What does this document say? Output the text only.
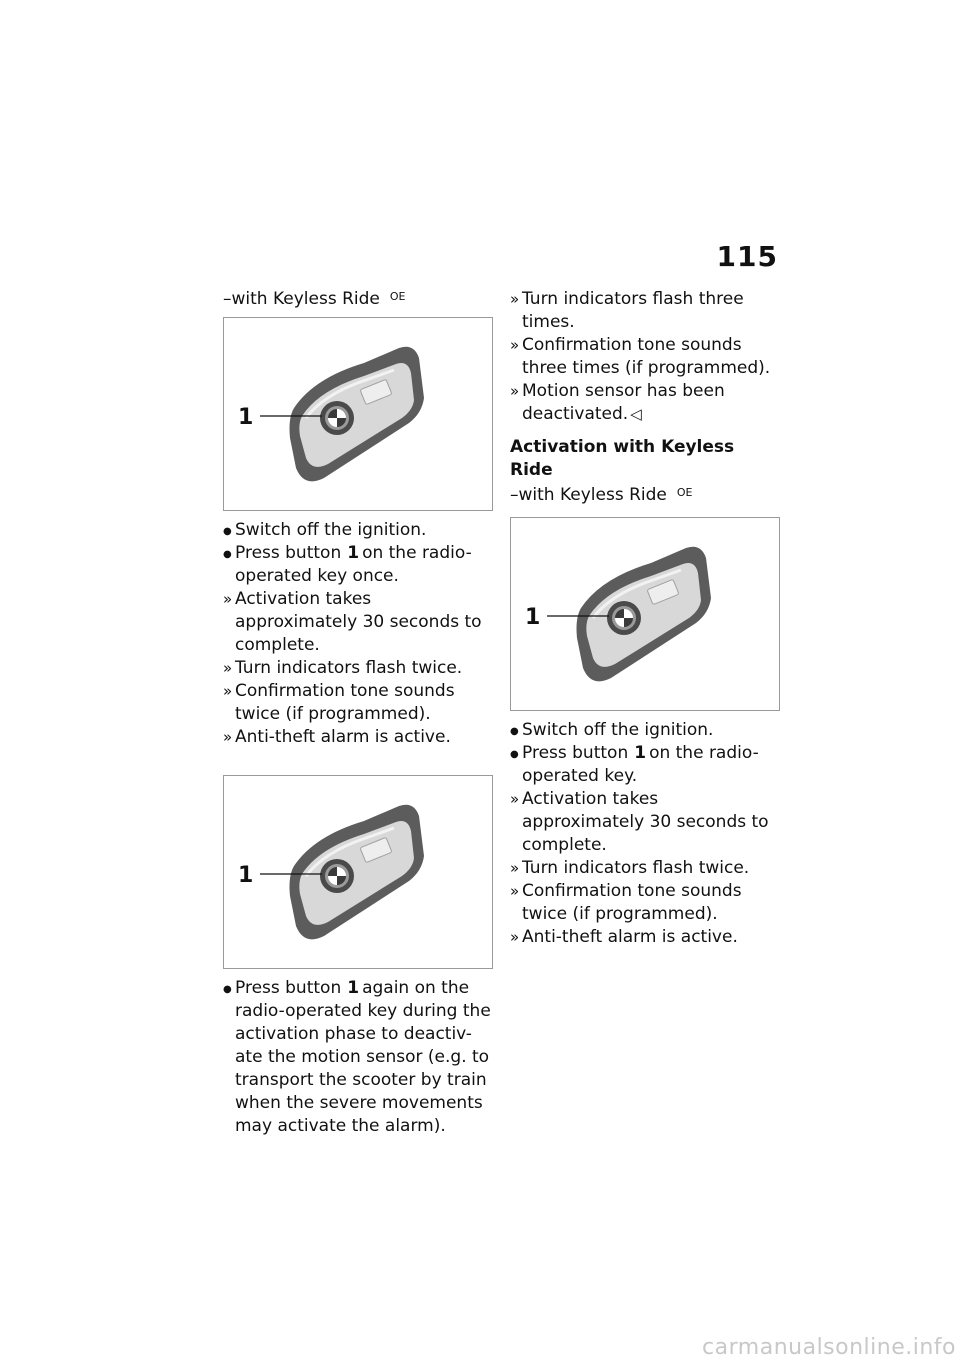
115
–with Keyless Ride $^{OE}$
1
●
Switch off the ignition.
●
Press button 1 on the radio-operated key once.
»
Activation takes approximately 30 seconds to complete.
»
Turn indicators flash twice.
»
Confirmation tone sounds twice (if programmed).
»
Anti-theft alarm is active.
1
●
Press button 1 again on the radio-operated key during the activation phase to deactiv-ate the motion sensor (e.g. to transport the scooter by train when the severe movements may activate the alarm).
»
Turn indicators flash three times.
»
Confirmation tone sounds three times (if programmed).
»
Motion sensor has been deactivated. ◁
Activation with Keyless Ride
–with Keyless Ride $^{OE}$
1
●
Switch off the ignition.
●
Press button 1 on the radio-operated key.
»
Activation takes approximately 30 seconds to complete.
»
Turn indicators flash twice.
»
Confirmation tone sounds twice (if programmed).
»
Anti-theft alarm is active.
carmanualsonline.info
